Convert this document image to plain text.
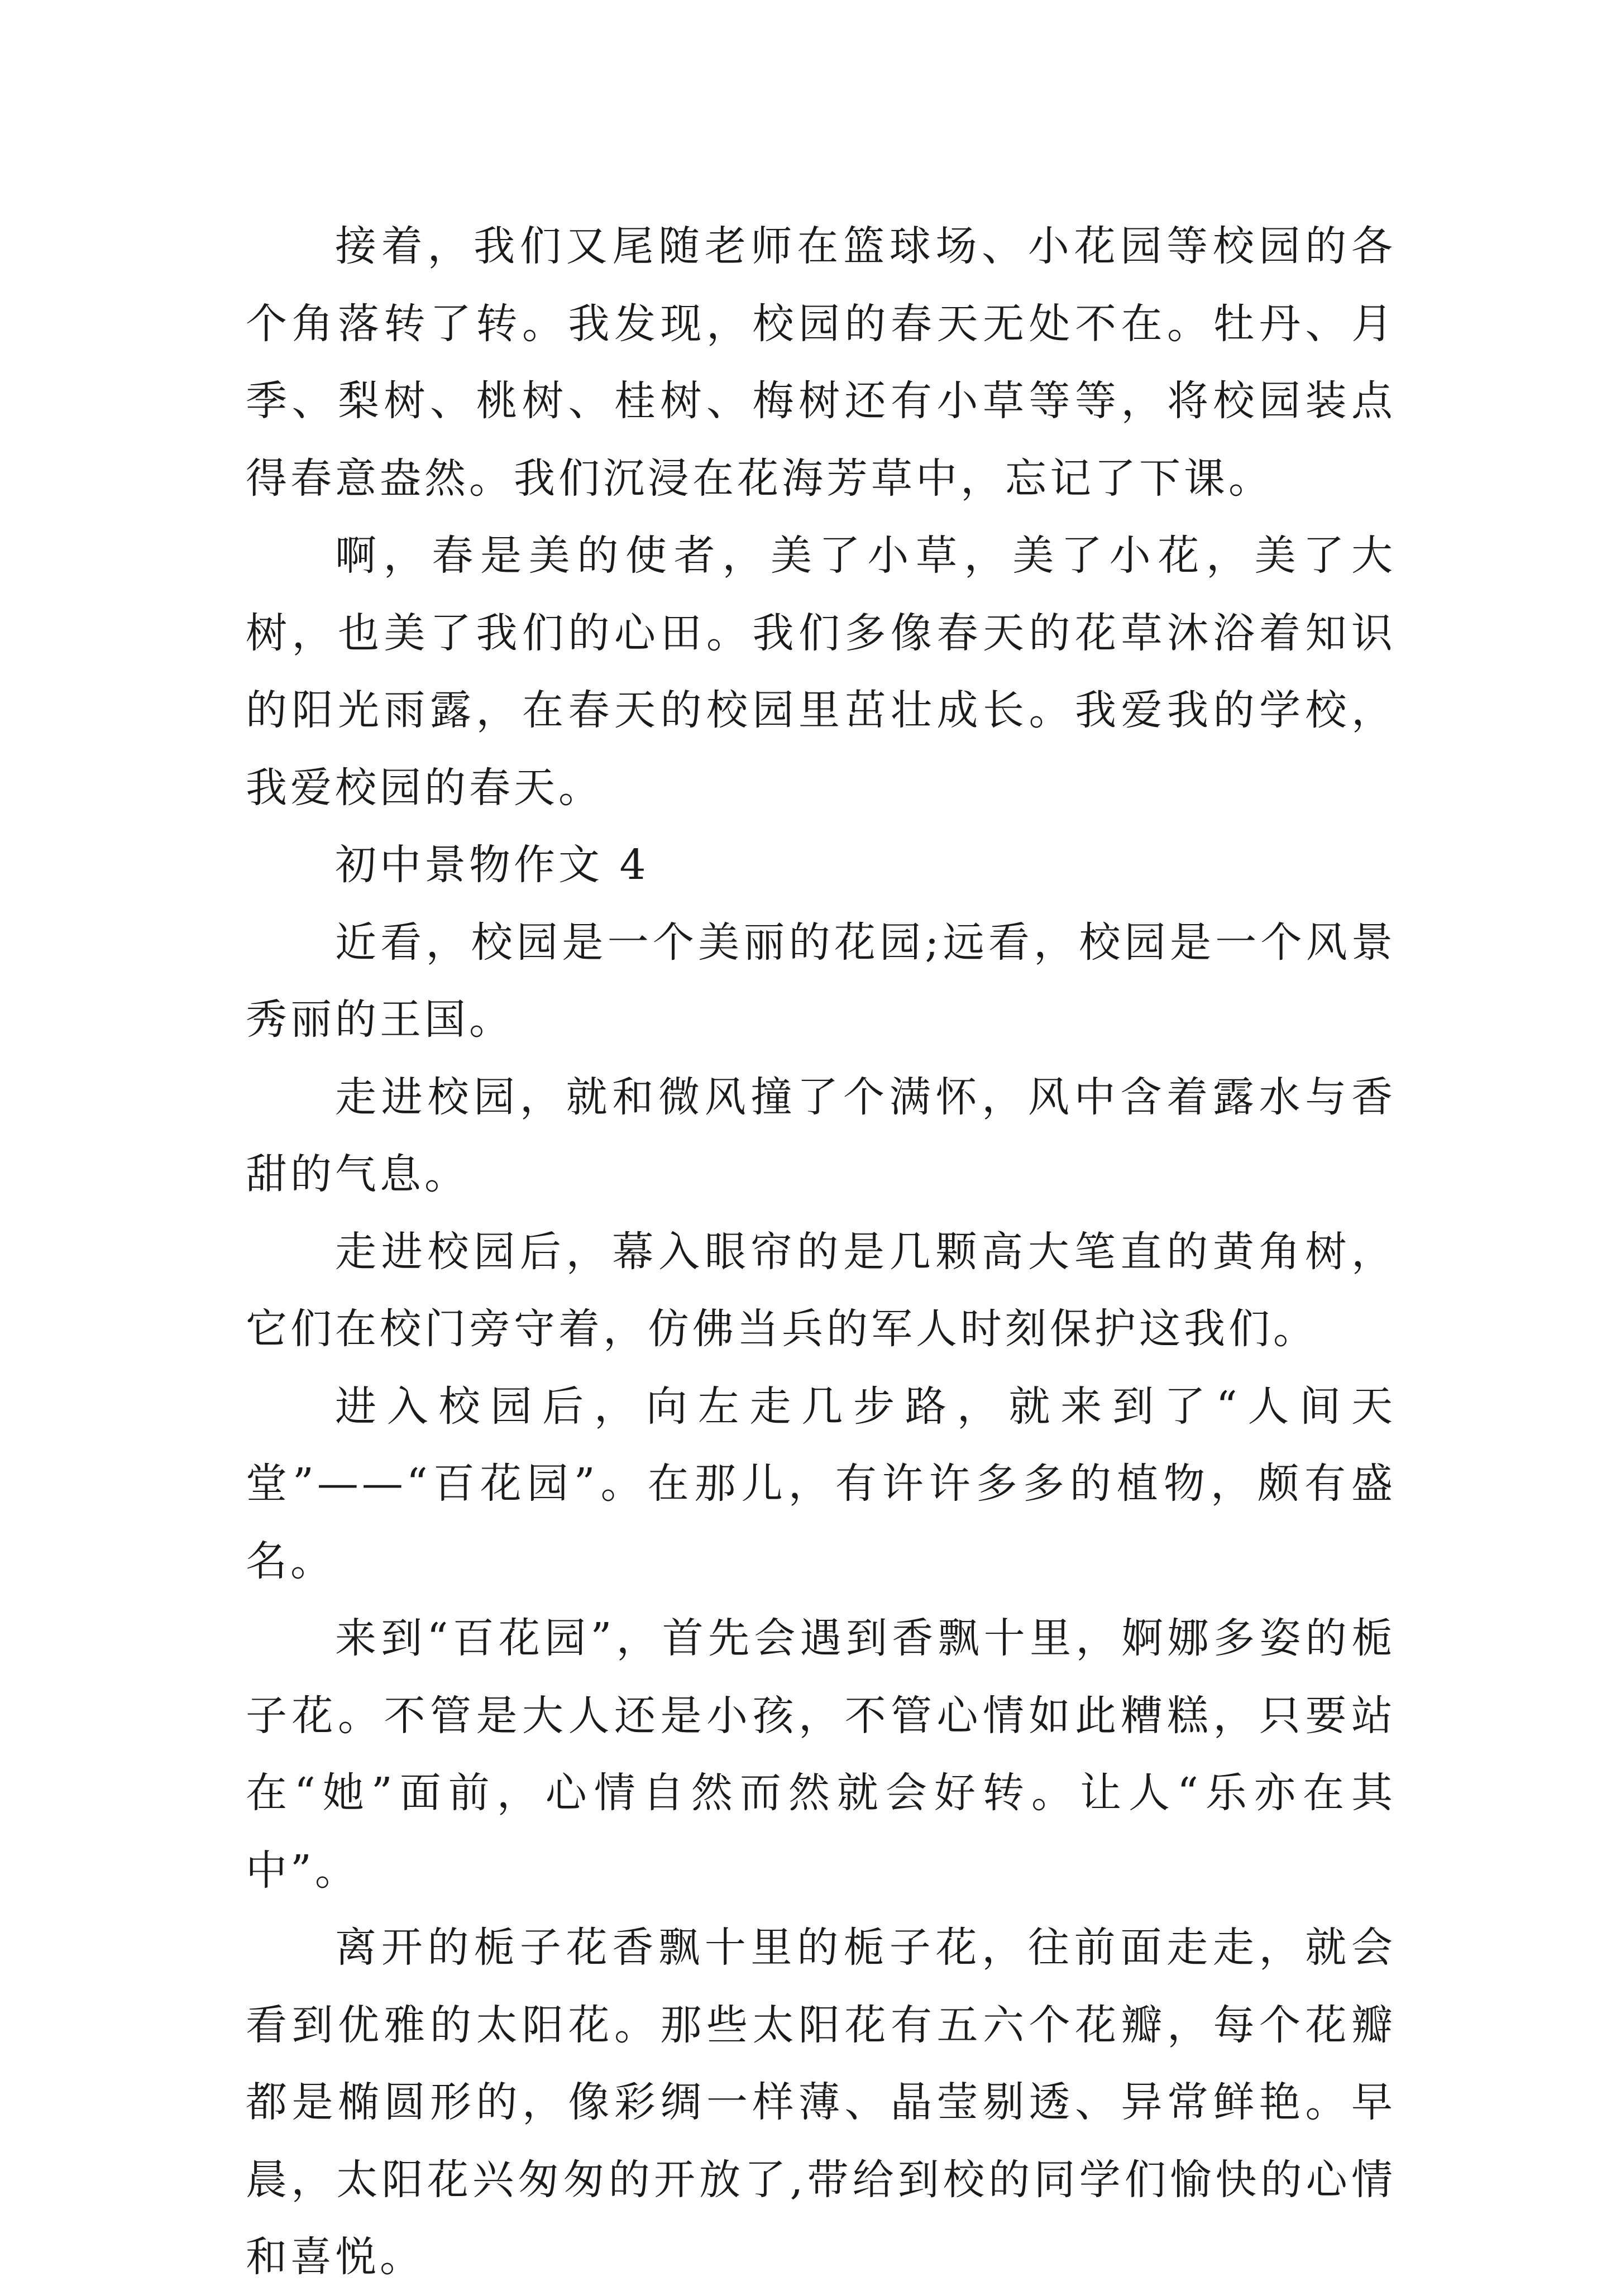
接着，我们又尾随老师在篮球场、小花园等校园的各个角落转了转。我发现，校园的春天无处不在。牡丹、月季、梨树、桃树、桂树、梅树还有小草等等，将校园装点得春意盎然。我们沉浸在花海芳草中，忘记了下课。

啊，春是美的使者，美了小草，美了小花，美了大树，也美了我们的心田。我们多像春天的花草沐浴着知识的阳光雨露，在春天的校园里茁壮成长。我爱我的学校，我爱校园的春天。

初中景物作文 4

近看，校园是一个美丽的花园;远看，校园是一个风景秀丽的王国。

走进校园，就和微风撞了个满怀，风中含着露水与香甜的气息。

走进校园后，幕入眼帘的是几颗高大笔直的黄角树，它们在校门旁守着，仿佛当兵的军人时刻保护这我们。

进入校园后，向左走几步路，就来到了“人间天堂”——“百花园”。在那儿，有许许多多的植物，颇有盛名。

来到“百花园”，首先会遇到香飘十里，婀娜多姿的栀子花。不管是大人还是小孩，不管心情如此糟糕，只要站在“她”面前，心情自然而然就会好转。让人“乐亦在其中”。

离开的栀子花香飘十里的栀子花，往前面走走，就会看到优雅的太阳花。那些太阳花有五六个花瓣，每个花瓣都是椭圆形的，像彩绸一样薄、晶莹剔透、异常鲜艳。早晨，太阳花兴匆匆的开放了,带给到校的同学们愉快的心情和喜悦。
